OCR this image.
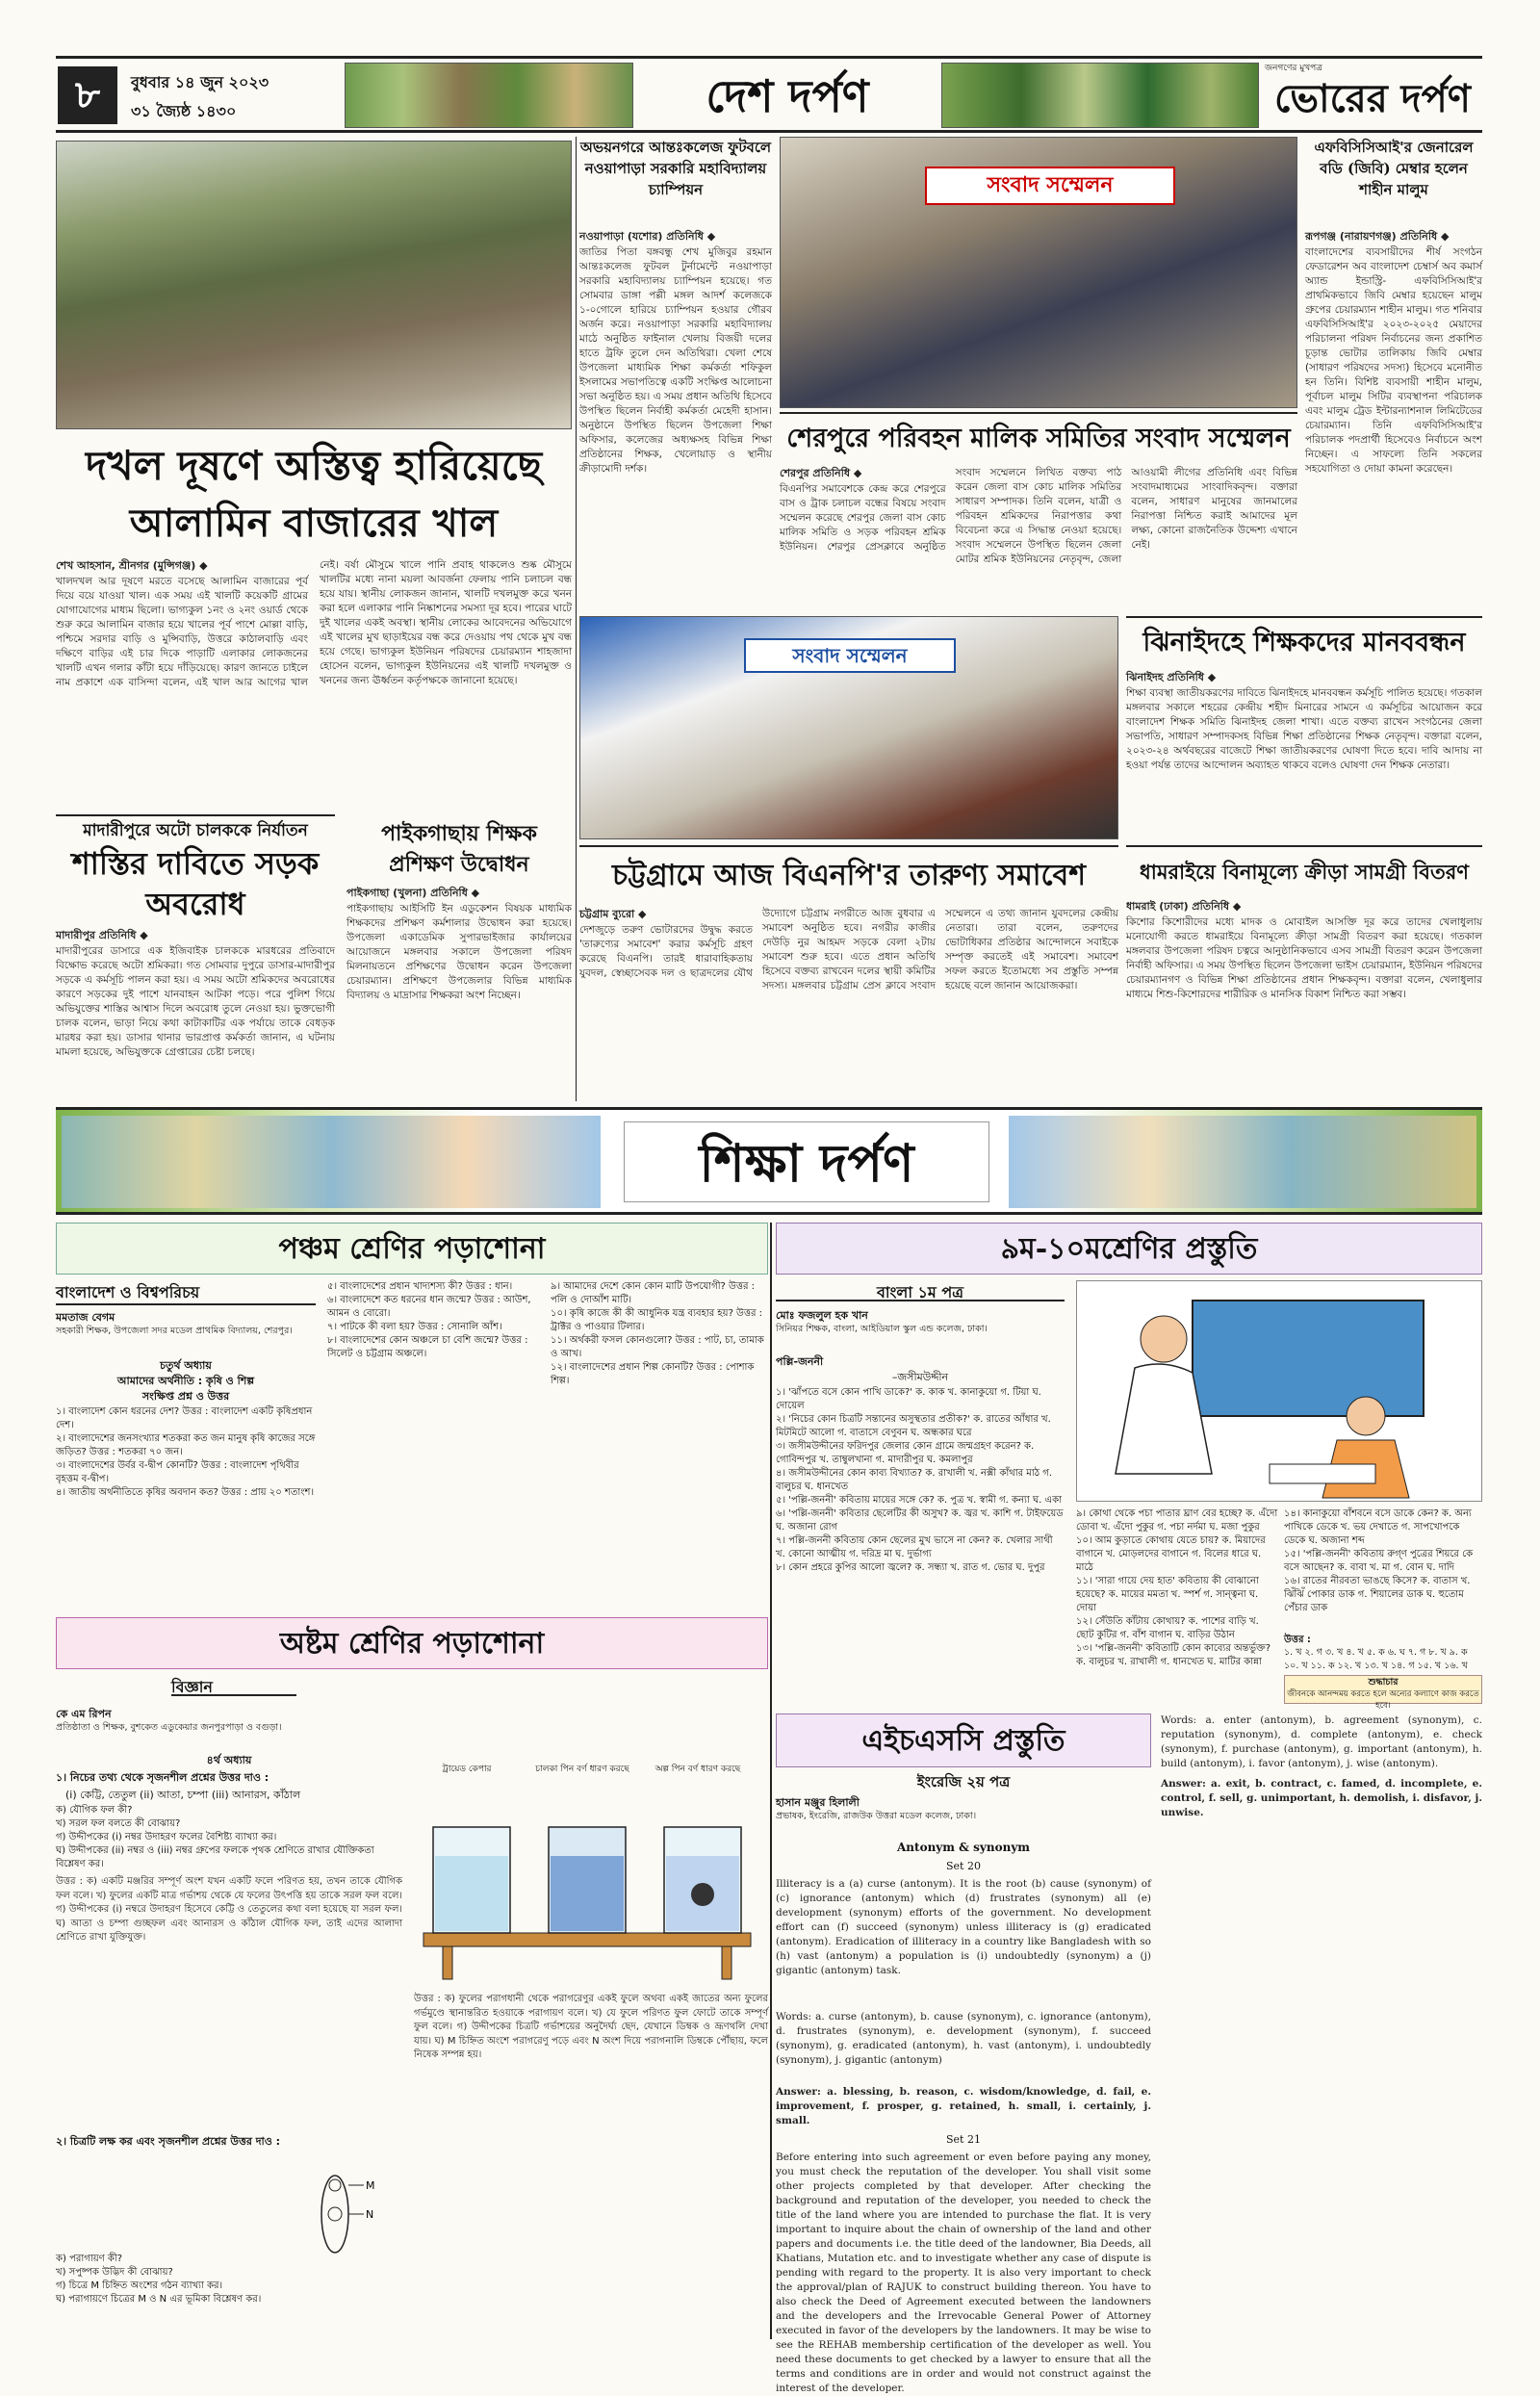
৮	বুধবার ১৪ জুন ২০২৩
৩১ জ্যৈষ্ঠ ১৪৩০	দেশ দর্পণ
জনগণের মুখপত্র
ভোরের দর্পণ
দখল দূষণে অস্তিত্ব হারিয়েছে
আলামিন বাজারের খাল
শেখ আহসান, শ্রীনগর (মুন্সিগঞ্জ) ◆
খালদখল আর দূষণে মরতে বসেছে আলামিন বাজারের পূর্ব দিয়ে বয়ে যাওয়া খাল। এক সময় এই খালটি কয়েকটি গ্রামের যোগাযোগের মাধ্যম ছিলো। ভাগ্যকুল ১নং ও ২নং ওয়ার্ড থেকে শুরু করে আলামিন বাজার হয়ে খালের পূর্ব পাশে মোল্লা বাড়ি, পশ্চিমে সরদার বাড়ি ও মুন্সিবাড়ি, উত্তরে কাঠালবাড়ি এবং দক্ষিণে বাড়ির এই চার দিকে পাড়াটি এলাকার লোকজনের খালটি এখন গলার কাঁটা হয়ে দাঁড়িয়েছে। কারণ জানতে চাইলে নাম প্রকাশে এক বাসিন্দা বলেন, এই খাল আর আগের খাল নেই। বর্ষা মৌসুমে খালে পানি প্রবাহ থাকলেও শুষ্ক মৌসুমে খালটির মধ্যে নানা ময়লা আবর্জনা ফেলায় পানি চলাচল বন্ধ হয়ে যায়। স্থানীয় লোকজন জানান, খালটি দখলমুক্ত করে খনন করা হলে এলাকার পানি নিষ্কাশনের সমস্যা দূর হবে। পারের ঘাটে দুই খালের একই অবস্থা। স্থানীয় লোকের আবেদনের অভিযোগে এই খালের মুখ ছাড়াইয়ের বন্ধ করে দেওয়ায় পথ থেকে মুখ বন্ধ হয়ে গেছে। ভাগ্যকুল ইউনিয়ন পরিষদের চেয়ারম্যান শাহজাদা হোসেন বলেন, ভাগ্যকুল ইউনিয়নের এই খালটি দখলমুক্ত ও খননের জন্য ঊর্ধ্বতন কর্তৃপক্ষকে জানানো হয়েছে।
মাদারীপুরে অটো চালককে নির্যাতন
শাস্তির দাবিতে সড়ক অবরোধ
মাদারীপুর প্রতিনিধি ◆
মাদারীপুরের ডাসারে এক ইজিবাইক চালককে মারধরের প্রতিবাদে বিক্ষোভ করেছে অটো শ্রমিকরা। গত সোমবার দুপুরে ডাসার-মাদারীপুর সড়কে এ কর্মসূচি পালন করা হয়। এ সময় অটো শ্রমিকদের অবরোধের কারণে সড়কের দুই পাশে যানবাহন আটকা পড়ে। পরে পুলিশ গিয়ে অভিযুক্তের শাস্তির আশ্বাস দিলে অবরোধ তুলে নেওয়া হয়। ভুক্তভোগী চালক বলেন, ভাড়া নিয়ে কথা কাটাকাটির এক পর্যায়ে তাকে বেধড়ক মারধর করা হয়। ডাসার থানার ভারপ্রাপ্ত কর্মকর্তা জানান, এ ঘটনায় মামলা হয়েছে, অভিযুক্তকে গ্রেপ্তারের চেষ্টা চলছে।
পাইকগাছায় শিক্ষক প্রশিক্ষণ উদ্বোধন
পাইকগাছা (খুলনা) প্রতিনিধি ◆
পাইকগাছায় আইসিটি ইন এডুকেশন বিষয়ক মাধ্যমিক শিক্ষকদের প্রশিক্ষণ কর্মশালার উদ্বোধন করা হয়েছে। উপজেলা একাডেমিক সুপারভাইজার কার্যালয়ের আয়োজনে মঙ্গলবার সকালে উপজেলা পরিষদ মিলনায়তনে প্রশিক্ষণের উদ্বোধন করেন উপজেলা চেয়ারম্যান। প্রশিক্ষণে উপজেলার বিভিন্ন মাধ্যমিক বিদ্যালয় ও মাদ্রাসার শিক্ষকরা অংশ নিচ্ছেন।
অভয়নগরে আন্তঃকলেজ ফুটবলে নওয়াপাড়া সরকারি মহাবিদ্যালয় চ্যাম্পিয়ন
নওয়াপাড়া (যশোর) প্রতিনিধি ◆
জাতির পিতা বঙ্গবন্ধু শেখ মুজিবুর রহমান আন্তঃকলেজ ফুটবল টুর্নামেন্টে নওয়াপাড়া সরকারি মহাবিদ্যালয় চ্যাম্পিয়ন হয়েছে। গত সোমবার ডাঙ্গা পল্লী মঙ্গল আদর্শ কলেজকে ১-০গোলে হারিয়ে চ্যাম্পিয়ন হওয়ার গৌরব অর্জন করে। নওয়াপাড়া সরকারি মহাবিদ্যালয় মাঠে অনুষ্ঠিত ফাইনাল খেলায় বিজয়ী দলের হাতে ট্রফি তুলে দেন অতিথিরা। খেলা শেষে উপজেলা মাধ্যমিক শিক্ষা কর্মকর্তা শফিকুল ইসলামের সভাপতিত্বে একটি সংক্ষিপ্ত আলোচনা সভা অনুষ্ঠিত হয়। এ সময় প্রধান অতিথি হিসেবে উপস্থিত ছিলেন নির্বাহী কর্মকর্তা মেহেদী হাসান। অনুষ্ঠানে উপস্থিত ছিলেন উপজেলা শিক্ষা অফিসার, কলেজের অধ্যক্ষসহ বিভিন্ন শিক্ষা প্রতিষ্ঠানের শিক্ষক, খেলোয়াড় ও স্থানীয় ক্রীড়ামোদী দর্শক।
সংবাদ সম্মেলন
শেরপুরে পরিবহন মালিক সমিতির সংবাদ সম্মেলন
শেরপুর প্রতিনিধি ◆
বিএনপির সমাবেশকে কেন্দ্র করে শেরপুরে বাস ও ট্রাক চলাচল বন্ধের বিষয়ে সংবাদ সম্মেলন করেছে শেরপুর জেলা বাস কোচ মালিক সমিতি ও সড়ক পরিবহন শ্রমিক ইউনিয়ন। শেরপুর প্রেসক্লাবে অনুষ্ঠিত সংবাদ সম্মেলনে লিখিত বক্তব্য পাঠ করেন জেলা বাস কোচ মালিক সমিতির সাধারণ সম্পাদক। তিনি বলেন, যাত্রী ও পরিবহন শ্রমিকদের নিরাপত্তার কথা বিবেচনা করে এ সিদ্ধান্ত নেওয়া হয়েছে। সংবাদ সম্মেলনে উপস্থিত ছিলেন জেলা মোটর শ্রমিক ইউনিয়নের নেতৃবৃন্দ, জেলা আওয়ামী লীগের প্রতিনিধি এবং বিভিন্ন সংবাদমাধ্যমের সাংবাদিকবৃন্দ। বক্তারা বলেন, সাধারণ মানুষের জানমালের নিরাপত্তা নিশ্চিত করাই আমাদের মূল লক্ষ্য, কোনো রাজনৈতিক উদ্দেশ্য এখানে নেই।
এফবিসিসিআই'র জেনারেল বডি (জিবি) মেম্বার হলেন শাহীন মালুম
রূপগঞ্জ (নারায়ণগঞ্জ) প্রতিনিধি ◆
বাংলাদেশের ব্যবসায়ীদের শীর্ষ সংগঠন ফেডারেশন অব বাংলাদেশ চেম্বার্স অব কমার্স অ্যান্ড ইন্ডাস্ট্রি- এফবিসিসিআই'র প্রাথমিকভাবে জিবি মেম্বার হয়েছেন মালুম গ্রুপের চেয়ারম্যান শাহীন মালুম। গত শনিবার এফবিসিসিআই'র ২০২৩-২০২৫ মেয়াদের পরিচালনা পরিষদ নির্বাচনের জন্য প্রকাশিত চূড়ান্ত ভোটার তালিকায় জিবি মেম্বার (সাধারণ পরিষদের সদস্য) হিসেবে মনোনীত হন তিনি। বিশিষ্ট ব্যবসায়ী শাহীন মালুম, পূর্বাচল মালুম সিটির ব্যবস্থাপনা পরিচালক এবং মালুম ট্রেড ইন্টারন্যাশনাল লিমিটেডের চেয়ারম্যান। তিনি এফবিসিসিআই'র পরিচালক পদপ্রার্থী হিসেবেও নির্বাচনে অংশ নিচ্ছেন। এ সাফল্যে তিনি সকলের সহযোগিতা ও দোয়া কামনা করেছেন।
সংবাদ সম্মেলন	ঝিনাইদহে শিক্ষকদের মানববন্ধন
ঝিনাইদহ প্রতিনিধি ◆
শিক্ষা ব্যবস্থা জাতীয়করণের দাবিতে ঝিনাইদহে মানববন্ধন কর্মসূচি পালিত হয়েছে। গতকাল মঙ্গলবার সকালে শহরের কেন্দ্রীয় শহীদ মিনারের সামনে এ কর্মসূচির আয়োজন করে বাংলাদেশ শিক্ষক সমিতি ঝিনাইদহ জেলা শাখা। এতে বক্তব্য রাখেন সংগঠনের জেলা সভাপতি, সাধারণ সম্পাদকসহ বিভিন্ন শিক্ষা প্রতিষ্ঠানের শিক্ষক নেতৃবৃন্দ। বক্তারা বলেন, ২০২৩-২৪ অর্থবছরের বাজেটে শিক্ষা জাতীয়করণের ঘোষণা দিতে হবে। দাবি আদায় না হওয়া পর্যন্ত তাদের আন্দোলন অব্যাহত থাকবে বলেও ঘোষণা দেন শিক্ষক নেতারা।
চট্টগ্রামে আজ বিএনপি'র তারুণ্য সমাবেশ
চট্টগ্রাম ব্যুরো ◆
দেশজুড়ে তরুণ ভোটারদের উদ্বুদ্ধ করতে 'তারুণ্যের সমাবেশ' করার কর্মসূচি গ্রহণ করেছে বিএনপি। তারই ধারাবাহিকতায় যুবদল, স্বেচ্ছাসেবক দল ও ছাত্রদলের যৌথ উদ্যোগে চট্টগ্রাম নগরীতে আজ বুধবার এ সমাবেশ অনুষ্ঠিত হবে। নগরীর কাজীর দেউড়ি নুর আহমদ সড়কে বেলা ২টায় সমাবেশ শুরু হবে। এতে প্রধান অতিথি হিসেবে বক্তব্য রাখবেন দলের স্থায়ী কমিটির সদস্য। মঙ্গলবার চট্টগ্রাম প্রেস ক্লাবে সংবাদ সম্মেলনে এ তথ্য জানান যুবদলের কেন্দ্রীয় নেতারা। তারা বলেন, তরুণদের ভোটাধিকার প্রতিষ্ঠার আন্দোলনে সবাইকে সম্পৃক্ত করতেই এই সমাবেশ। সমাবেশ সফল করতে ইতোমধ্যে সব প্রস্তুতি সম্পন্ন হয়েছে বলে জানান আয়োজকরা।
ধামরাইয়ে বিনামূল্যে ক্রীড়া সামগ্রী বিতরণ
ধামরাই (ঢাকা) প্রতিনিধি ◆
কিশোর কিশোরীদের মধ্যে মাদক ও মোবাইল আসক্তি দূর করে তাদের খেলাধুলায় মনোযোগী করতে ধামরাইয়ে বিনামূল্যে ক্রীড়া সামগ্রী বিতরণ করা হয়েছে। গতকাল মঙ্গলবার উপজেলা পরিষদ চত্বরে আনুষ্ঠানিকভাবে এসব সামগ্রী বিতরণ করেন উপজেলা নির্বাহী অফিসার। এ সময় উপস্থিত ছিলেন উপজেলা ভাইস চেয়ারম্যান, ইউনিয়ন পরিষদের চেয়ারম্যানগণ ও বিভিন্ন শিক্ষা প্রতিষ্ঠানের প্রধান শিক্ষকবৃন্দ। বক্তারা বলেন, খেলাধুলার মাধ্যমে শিশু-কিশোরদের শারীরিক ও মানসিক বিকাশ নিশ্চিত করা সম্ভব।
শিক্ষা দর্পণ
পঞ্চম শ্রেণির পড়াশোনা
বাংলাদেশ ও বিশ্বপরিচয়
মমতাজ বেগম
সহকারী শিক্ষক, উপজেলা সদর মডেল প্রাথমিক বিদ্যালয়, শেরপুর।
চতুর্থ অধ্যায়
আমাদের অর্থনীতি : কৃষি ও শিল্প
সংক্ষিপ্ত প্রশ্ন ও উত্তর
১। বাংলাদেশ কোন ধরনের দেশ? উত্তর : বাংলাদেশ একটি কৃষিপ্রধান দেশ।
২। বাংলাদেশের জনসংখ্যার শতকরা কত জন মানুষ কৃষি কাজের সঙ্গে জড়িত? উত্তর : শতকরা ৭০ জন।
৩। বাংলাদেশের উর্বর ব-দ্বীপ কোনটি? উত্তর : বাংলাদেশ পৃথিবীর বৃহত্তম ব-দ্বীপ।
৪। জাতীয় অর্থনীতিতে কৃষির অবদান কত? উত্তর : প্রায় ২০ শতাংশ।
৫। বাংলাদেশের প্রধান খাদ্যশস্য কী? উত্তর : ধান।
৬। বাংলাদেশে কত ধরনের ধান জন্মে? উত্তর : আউশ, আমন ও বোরো।
৭। পাটকে কী বলা হয়? উত্তর : সোনালি আঁশ।
৮। বাংলাদেশের কোন অঞ্চলে চা বেশি জন্মে? উত্তর : সিলেট ও চট্টগ্রাম অঞ্চলে।
৯। আমাদের দেশে কোন কোন মাটি উপযোগী? উত্তর : পলি ও দোআঁশ মাটি।
১০। কৃষি কাজে কী কী আধুনিক যন্ত্র ব্যবহার হয়? উত্তর : ট্রাক্টর ও পাওয়ার টিলার।
১১। অর্থকরী ফসল কোনগুলো? উত্তর : পাট, চা, তামাক ও আখ।
১২। বাংলাদেশের প্রধান শিল্প কোনটি? উত্তর : পোশাক শিল্প।
অষ্টম শ্রেণির পড়াশোনা
বিজ্ঞান
কে এম রিপন
প্রতিষ্ঠাতা ও শিক্ষক, বুশকেত এডুকেয়ার জনপুরপাড়া ও বগুড়া।
৪র্থ অধ্যায়
১। নিচের তথ্য থেকে সৃজনশীল প্রশ্নের উত্তর দাও :
(i) কেট্টি, তেতুল (ii) আতা, চম্পা (iii) আনারস, কাঁঠাল
ক) যৌগিক ফল কী?
খ) সরল ফল বলতে কী বোঝায়?
গ) উদ্দীপকের (i) নম্বর উদাহরণ ফলের বৈশিষ্ট্য ব্যাখ্যা কর।
ঘ) উদ্দীপকের (ii) নম্বর ও (iii) নম্বর গ্রুপের ফলকে পৃথক শ্রেণিতে রাখার যৌক্তিকতা বিশ্লেষণ কর।
উত্তর : ক) একটি মঞ্জরির সম্পূর্ণ অংশ যখন একটি ফলে পরিণত হয়, তখন তাকে যৌগিক ফল বলে। খ) ফুলের একটি মাত্র গর্ভাশয় থেকে যে ফলের উৎপত্তি হয় তাকে সরল ফল বলে। গ) উদ্দীপকের (i) নম্বরে উদাহরণ হিসেবে কেট্টি ও তেতুলের কথা বলা হয়েছে যা সরল ফল। ঘ) আতা ও চম্পা গুচ্ছফল এবং আনারস ও কাঁঠাল যৌগিক ফল, তাই এদের আলাদা শ্রেণিতে রাখা যুক্তিযুক্ত।
২। চিত্রটি লক্ষ কর এবং সৃজনশীল প্রশ্নের উত্তর দাও :
M
N
ক) পরাগায়ণ কী?
খ) সপুষ্পক উদ্ভিদ কী বোঝায়?
গ) চিত্রে M চিহ্নিত অংশের গঠন ব্যাখ্যা কর।
ঘ) পরাগায়ণে চিত্রের M ও N এর ভূমিকা বিশ্লেষণ কর।
ট্রায়েড কেপার	চালকা পিন বর্ণ ধারণ করছে	অল্প পিন বর্ণ ধারণ করছে
উত্তর : ক) ফুলের পরাগধানী থেকে পরাগরেণুর একই ফুলে অথবা একই জাতের অন্য ফুলের গর্ভমুণ্ডে স্থানান্তরিত হওয়াকে পরাগায়ণ বলে। খ) যে ফুলে পরিণত ফুল ফোটে তাকে সম্পূর্ণ ফুল বলে। গ) উদ্দীপকের চিত্রটি গর্ভাশয়ের অনুদৈর্ঘ্য ছেদ, যেখানে ডিম্বক ও ভ্রূণথলি দেখা যায়। ঘ) M চিহ্নিত অংশে পরাগরেণু পড়ে এবং N অংশ দিয়ে পরাগনালি ডিম্বকে পৌঁছায়, ফলে নিষেক সম্পন্ন হয়।
৯ম-১০মশ্রেণির প্রস্তুতি
বাংলা ১ম পত্র
মোঃ ফজলুল হক খান
সিনিয়র শিক্ষক, বাংলা, আইডিয়াল স্কুল এন্ড কলেজ, ঢাকা।
পল্লি-জননী
–জসীমউদ্দীন
১। 'ঝাঁপতে বসে কোন পাখি ডাকে?' ক. কাক খ. কানাকুয়ো গ. টিয়া ঘ. দোয়েল
২। 'নিচের কোন চিত্রটি সন্তানের অসুস্থতার প্রতীক?' ক. রাতের আঁধার খ. মিটমিটে আলো গ. বাতাসে বেণুবন ঘ. অন্ধকার ঘরে
৩। জসীমউদ্দীনের ফরিদপুর জেলার কোন গ্রামে জন্মগ্রহণ করেন? ক. গোবিন্দপুর খ. তাম্বুলখানা গ. মাদারীপুর ঘ. কমলাপুর
৪। জসীমউদ্দীনের কোন কাব্য বিখ্যাত? ক. রাখালী খ. নক্সী কাঁথার মাঠ গ. বালুচর ঘ. ধানখেত
৫। 'পল্লি-জননী' কবিতায় মায়ের সঙ্গে কে? ক. পুত্র খ. স্বামী গ. কন্যা ঘ. একা
৬। 'পল্লি-জননী' কবিতার ছেলেটির কী অসুখ? ক. জ্বর খ. কাশি গ. টাইফয়েড ঘ. অজানা রোগ
৭। পল্লি-জননী কবিতায় কোন ছেলের মুখ ভাসে না কেন? ক. খেলার সাথী খ. কোনো আত্মীয় গ. দরিদ্র মা ঘ. দুর্ভাগ্য
৮। কোন প্রহরে কুপির আলো জ্বলে? ক. সন্ধ্যা খ. রাত গ. ভোর ঘ. দুপুর
৯। কোথা থেকে পচা পাতার ঘ্রাণ বের হচ্ছে? ক. এঁদো ডোবা খ. এঁদো পুকুর গ. পচা নর্দমা ঘ. মজা পুকুর
১০। আম কুড়াতে কোথায় যেতে চায়? ক. মিয়াদের বাগানে খ. মোড়লদের বাগানে গ. বিলের ধারে ঘ. মাঠে
১১। 'সারা গায়ে দেয় হাত' কবিতায় কী বোঝানো হয়েছে? ক. মায়ের মমতা খ. স্পর্শ গ. সান্ত্বনা ঘ. দোয়া
১২। সেঁউতি কাঁটায় কোথায়? ক. পাশের বাড়ি খ. ছোট কুটির গ. বাঁশ বাগান ঘ. বাড়ির উঠান
১৩। 'পল্লি-জননী' কবিতাটি কোন কাব্যের অন্তর্ভুক্ত? ক. বালুচর খ. রাখালী গ. ধানখেত ঘ. মাটির কান্না
১৪। কানাকুয়ো বাঁশবনে বসে ডাকে কেন? ক. অন্য পাখিকে ডেকে খ. ভয় দেখাতে গ. সাপখোপকে ডেকে ঘ. অজানা শব্দ
১৫। 'পল্লি-জননী' কবিতায় রুগ্ণ পুত্রের শিয়রে কে বসে আছেন? ক. বাবা খ. মা গ. বোন ঘ. দাদি
১৬। রাতের নীরবতা ভাঙছে কিসে? ক. বাতাস খ. ঝিঁঝিঁ পোকার ডাক গ. শিয়ালের ডাক ঘ. হুতোম পেঁচার ডাক
উত্তর :
১. খ ২. গ ৩. খ ৪. খ ৫. ক ৬. ঘ ৭. গ ৮. খ ৯. ক ১০. খ ১১. ক ১২. খ ১৩. খ ১৪. গ ১৫. খ ১৬. খ
শুদ্ধাচার
জীবনকে আনন্দময় করতে হলে অন্যের কল্যাণে কাজ করতে হবে।
এইচএসসি প্রস্তুতি
ইংরেজি ২য় পত্র
হাসান মঞ্জুর হিলালী
প্রভাষক, ইংরেজি, রাজউক উত্তরা মডেল কলেজ, ঢাকা।
Antonym & synonym
Set 20
Illiteracy is a (a) curse (antonym). It is the root (b) cause (synonym) of (c) ignorance (antonym) which (d) frustrates (synonym) all (e) development (synonym) efforts of the government. No development effort can (f) succeed (synonym) unless illiteracy is (g) eradicated (antonym). Eradication of illiteracy in a country like Bangladesh with so (h) vast (antonym) a population is (i) undoubtedly (synonym) a (j) gigantic (antonym) task.
Words: a. curse (antonym), b. cause (synonym), c. ignorance (antonym), d. frustrates (synonym), e. development (synonym), f. succeed (synonym), g. eradicated (antonym), h. vast (antonym), i. undoubtedly (synonym), j. gigantic (antonym)
Answer: a. blessing, b. reason, c. wisdom/knowledge, d. fail, e. improvement, f. prosper, g. retained, h. small, i. certainly, j. small.
Set 21
Before entering into such agreement or even before paying any money, you must check the reputation of the developer. You shall visit some other projects completed by that developer. After checking the background and reputation of the developer, you needed to check the title of the land where you are intended to purchase the flat. It is very important to inquire about the chain of ownership of the land and other papers and documents i.e. the title deed of the landowner, Bia Deeds, all Khatians, Mutation etc. and to investigate whether any case of dispute is pending with regard to the property. It is also very important to check the approval/plan of RAJUK to construct building thereon. You have to also check the Deed of Agreement executed between the landowners and the developers and the Irrevocable General Power of Attorney executed in favor of the developers by the landowners. It may be wise to see the REHAB membership certification of the developer as well. You need these documents to get checked by a lawyer to ensure that all the terms and conditions are in order and would not construct against the interest of the developer.
Words: a. enter (antonym), b. agreement (synonym), c. reputation (synonym), d. complete (antonym), e. check (synonym), f. purchase (antonym), g. important (antonym), h. build (antonym), i. favor (antonym), j. wise (antonym).
Answer: a. exit, b. contract, c. famed, d. incomplete, e. control, f. sell, g. unimportant, h. demolish, i. disfavor, j. unwise.
